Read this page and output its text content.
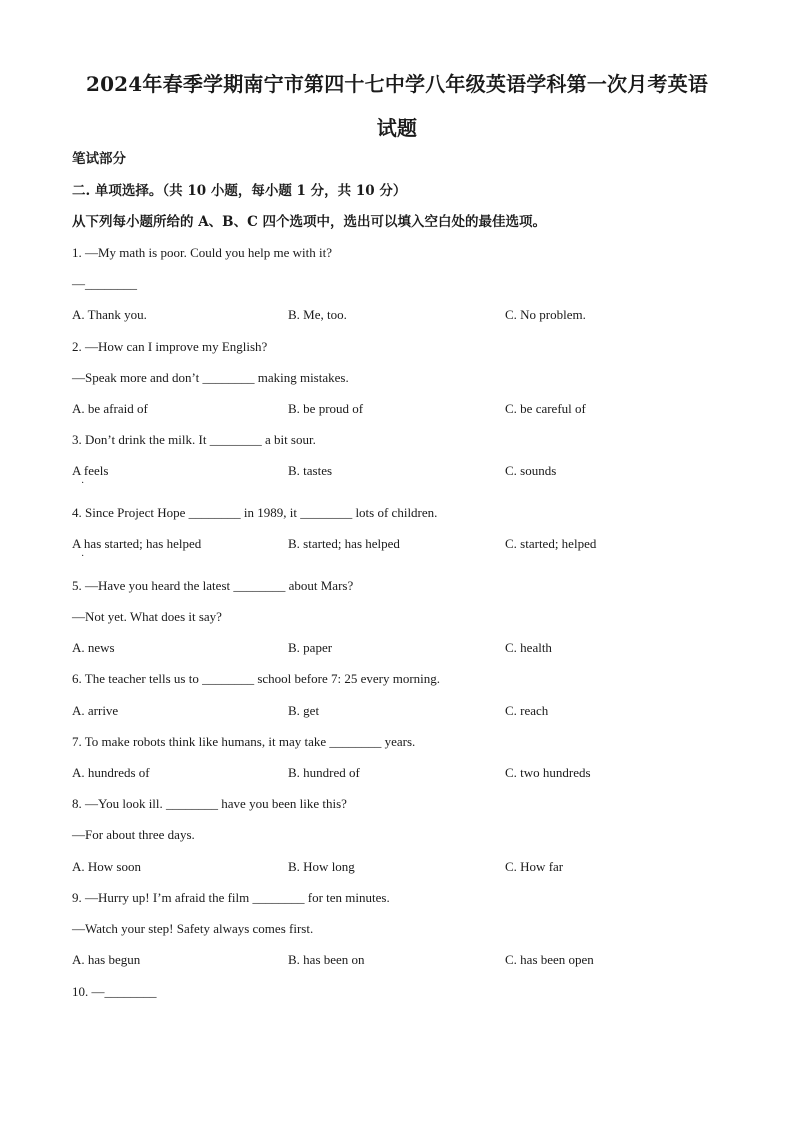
2024年春季学期南宁市第四十七中学八年级英语学科第一次月考英语
试题
笔试部分
二. 单项选择。（共 10 小题，每小题 1 分，共 10 分）
从下列每小题所给的 A、B、C 四个选项中，选出可以填入空白处的最佳选项。
1. —My math is poor. Could you help me with it?
—________
A. Thank you.	B. Me, too.	C. No problem.
2. —How can I improve my English?
—Speak more and don’t ________ making mistakes.
A. be afraid of	B. be proud of	C. be careful of
3. Don’t drink the milk. It ________ a bit sour.
A feels
·
B. tastes	C. sounds
4. Since Project Hope ________ in 1989, it ________ lots of children.
A has started; has helped
·
B. started; has helped	C. started; helped
5. —Have you heard the latest ________ about Mars?
—Not yet. What does it say?
A. news	B. paper	C. health
6. The teacher tells us to ________ school before 7: 25 every morning.
A. arrive	B. get	C. reach
7. To make robots think like humans, it may take ________ years.
A. hundreds of	B. hundred of	C. two hundreds
8. —You look ill. ________ have you been like this?
—For about three days.
A. How soon	B. How long	C. How far
9. —Hurry up! I’m afraid the film ________ for ten minutes.
—Watch your step! Safety always comes first.
A. has begun	B. has been on	C. has been open
10. —________
